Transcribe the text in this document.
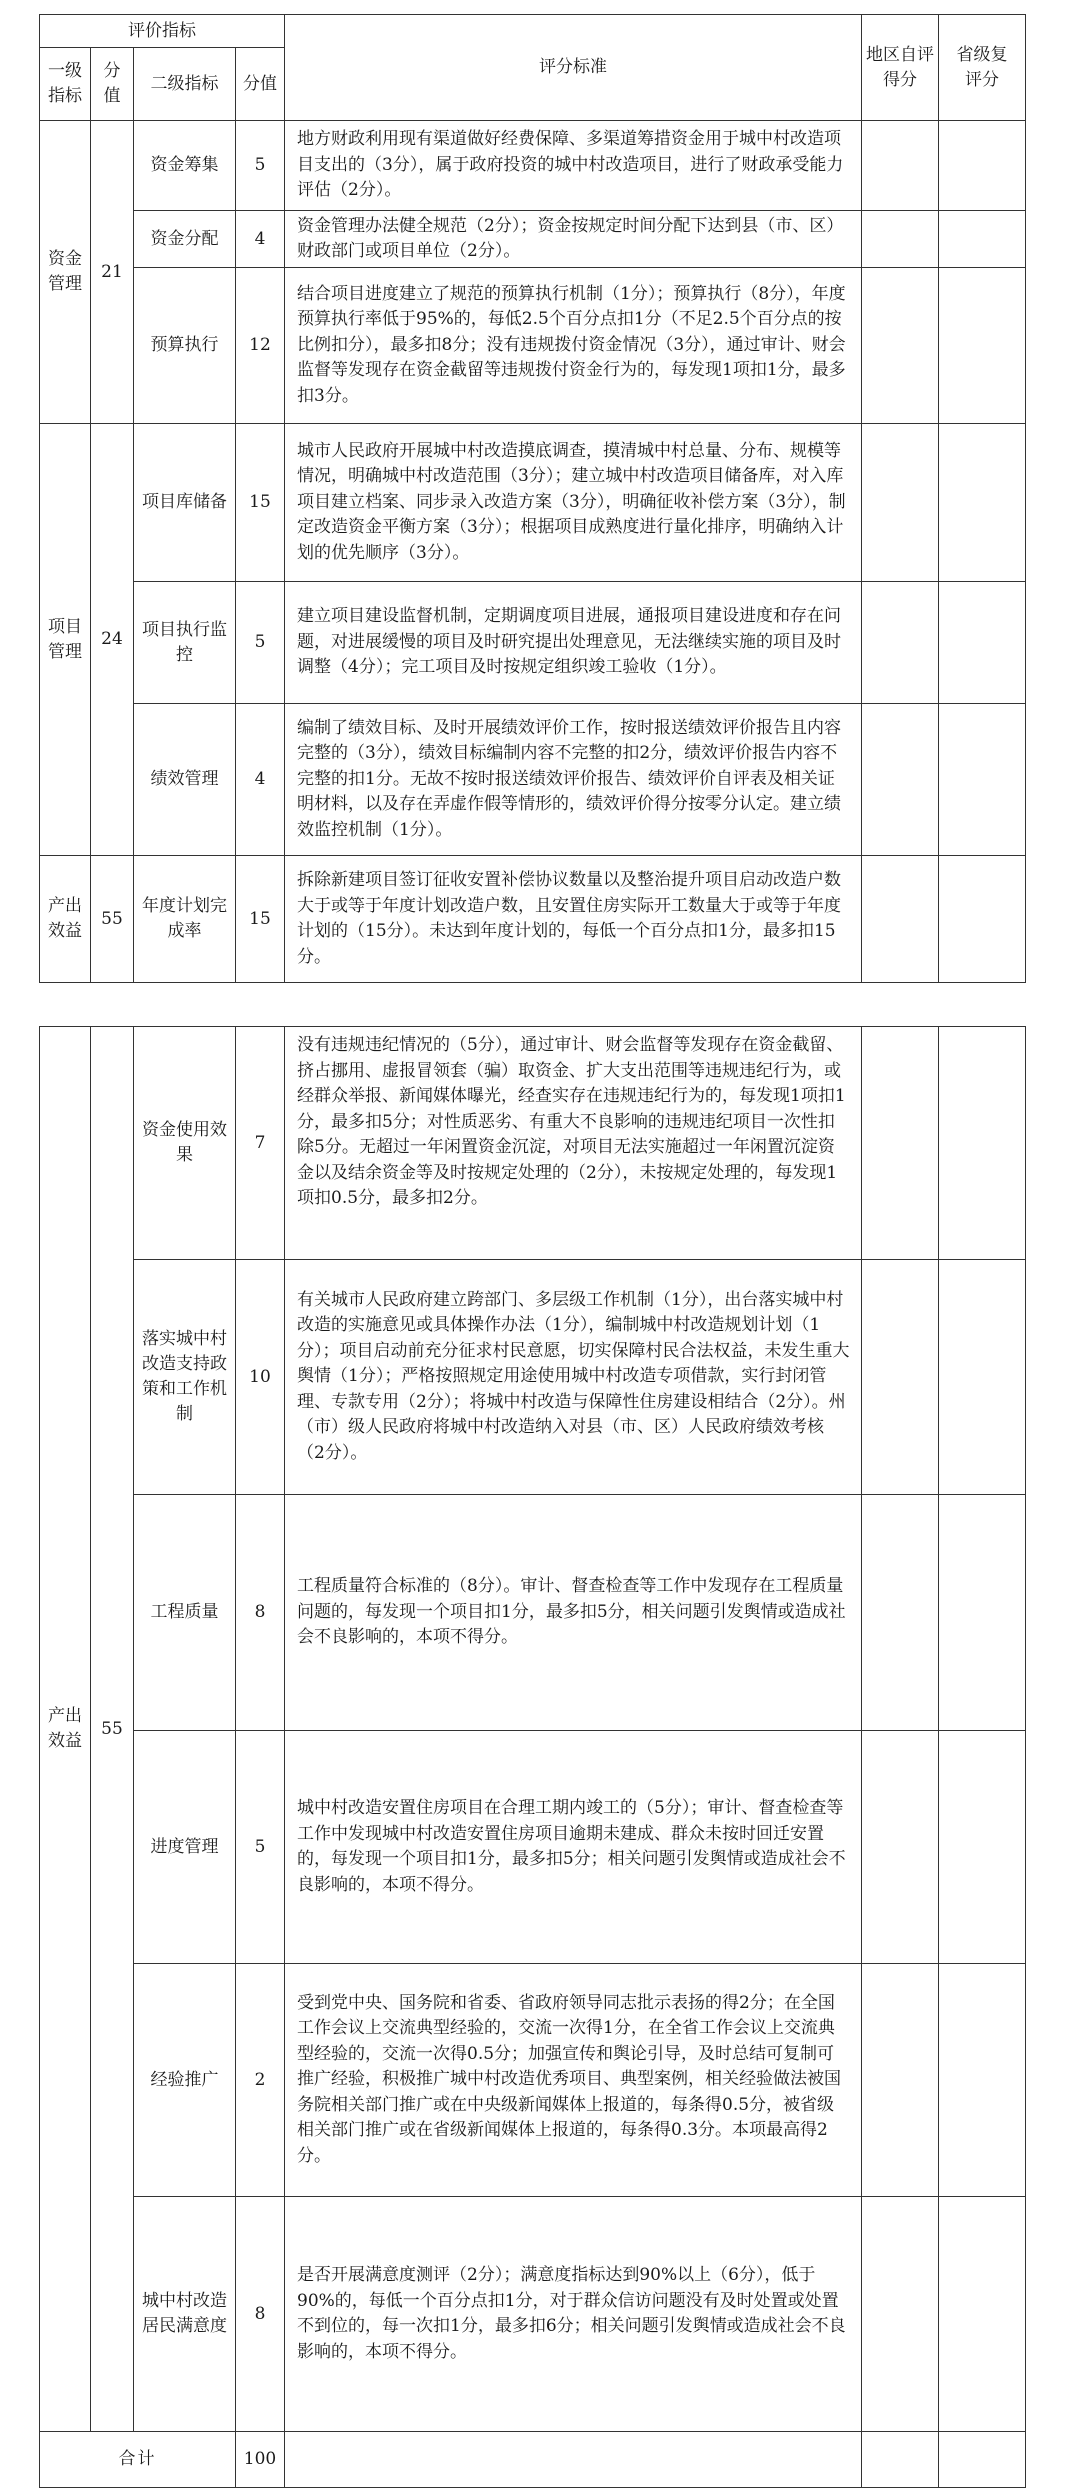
评价指标				评分标准	地区自评得分	省级复评分
一级指标	分值	二级指标	分值			
资金管理	21	资金筹集	5	地方财政利用现有渠道做好经费保障、多渠道筹措资金用于城中村改造项目支出的（3分），属于政府投资的城中村改造项目，进行了财政承受能力评估（2分）。		
		资金分配	4	资金管理办法健全规范（2分）；资金按规定时间分配下达到县（市、区）财政部门或项目单位（2分）。		
		预算执行	12	结合项目进度建立了规范的预算执行机制（1分）；预算执行（8分），年度预算执行率低于95%的，每低2.5个百分点扣1分（不足2.5个百分点的按比例扣分），最多扣8分；没有违规拨付资金情况（3分），通过审计、财会监督等发现存在资金截留等违规拨付资金行为的，每发现1项扣1分，最多扣3分。		
项目管理	24	项目库储备	15	城市人民政府开展城中村改造摸底调查，摸清城中村总量、分布、规模等情况，明确城中村改造范围（3分）；建立城中村改造项目储备库，对入库项目建立档案、同步录入改造方案（3分），明确征收补偿方案（3分），制定改造资金平衡方案（3分）；根据项目成熟度进行量化排序，明确纳入计划的优先顺序（3分）。		
		项目执行监控	5	建立项目建设监督机制，定期调度项目进展，通报项目建设进度和存在问题，对进展缓慢的项目及时研究提出处理意见，无法继续实施的项目及时调整（4分）；完工项目及时按规定组织竣工验收（1分）。		
		绩效管理	4	编制了绩效目标、及时开展绩效评价工作，按时报送绩效评价报告且内容完整的（3分），绩效目标编制内容不完整的扣2分，绩效评价报告内容不完整的扣1分。无故不按时报送绩效评价报告、绩效评价自评表及相关证明材料，以及存在弄虚作假等情形的，绩效评价得分按零分认定。建立绩效监控机制（1分）。		
产出效益	55	年度计划完成率	15	拆除新建项目签订征收安置补偿协议数量以及整治提升项目启动改造户数大于或等于年度计划改造户数，且安置住房实际开工数量大于或等于年度计划的（15分）。未达到年度计划的，每低一个百分点扣1分，最多扣15分。		
产出效益	55	资金使用效果	7	没有违规违纪情况的（5分），通过审计、财会监督等发现存在资金截留、挤占挪用、虚报冒领套（骗）取资金、扩大支出范围等违规违纪行为，或经群众举报、新闻媒体曝光，经查实存在违规违纪行为的，每发现1项扣1分，最多扣5分；对性质恶劣、有重大不良影响的违规违纪项目一次性扣除5分。无超过一年闲置资金沉淀，对项目无法实施超过一年闲置沉淀资金以及结余资金等及时按规定处理的（2分），未按规定处理的，每发现1项扣0.5分，最多扣2分。		
		落实城中村改造支持政策和工作机制	10	有关城市人民政府建立跨部门、多层级工作机制（1分），出台落实城中村改造的实施意见或具体操作办法（1分），编制城中村改造规划计划（1分）；项目启动前充分征求村民意愿，切实保障村民合法权益，未发生重大舆情（1分）；严格按照规定用途使用城中村改造专项借款，实行封闭管理、专款专用（2分）；将城中村改造与保障性住房建设相结合（2分）。州（市）级人民政府将城中村改造纳入对县（市、区）人民政府绩效考核（2分）。		
		工程质量	8	工程质量符合标准的（8分）。审计、督查检查等工作中发现存在工程质量问题的，每发现一个项目扣1分，最多扣5分，相关问题引发舆情或造成社会不良影响的，本项不得分。		
		进度管理	5	城中村改造安置住房项目在合理工期内竣工的（5分）；审计、督查检查等工作中发现城中村改造安置住房项目逾期未建成、群众未按时回迁安置的，每发现一个项目扣1分，最多扣5分；相关问题引发舆情或造成社会不良影响的，本项不得分。		
		经验推广	2	受到党中央、国务院和省委、省政府领导同志批示表扬的得2分；在全国工作会议上交流典型经验的，交流一次得1分，在全省工作会议上交流典型经验的，交流一次得0.5分；加强宣传和舆论引导，及时总结可复制可推广经验，积极推广城中村改造优秀项目、典型案例，相关经验做法被国务院相关部门推广或在中央级新闻媒体上报道的，每条得0.5分，被省级相关部门推广或在省级新闻媒体上报道的，每条得0.3分。本项最高得2分。		
		城中村改造居民满意度	8	是否开展满意度测评（2分）；满意度指标达到90%以上（6分），低于90%的，每低一个百分点扣1分，对于群众信访问题没有及时处置或处置不到位的，每一次扣1分，最多扣6分；相关问题引发舆情或造成社会不良影响的，本项不得分。		
合计			100			
